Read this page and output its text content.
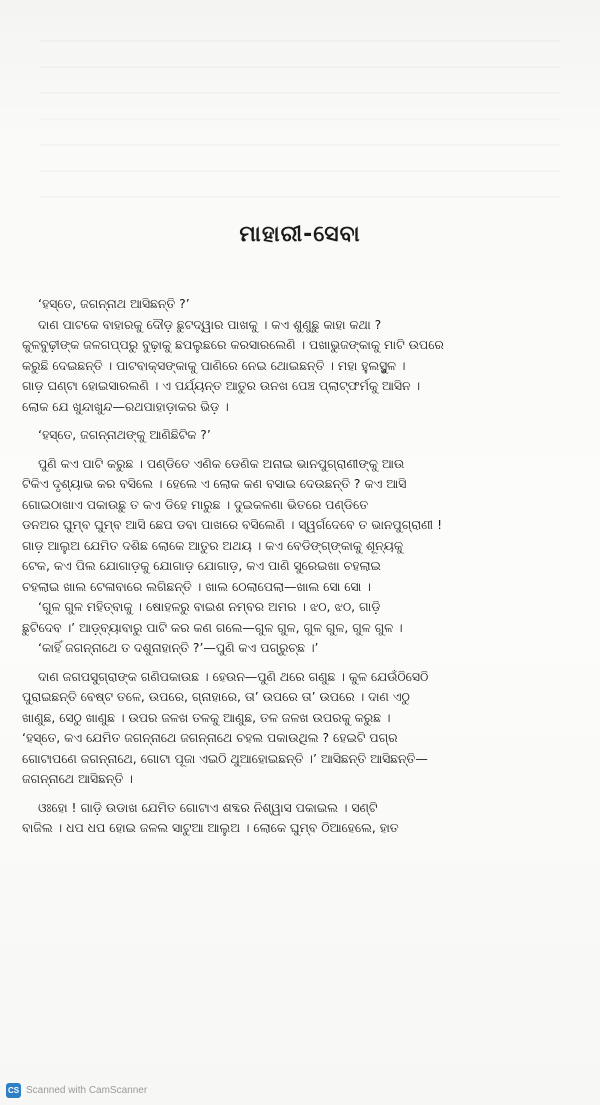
ମାହାରୀ-ସେବା
‘ହସ୍ତେ, ଜଗନ୍ନାଥ ଆସିଛନ୍ତି ?’
ଦାଣ ପାଟକେ ବାହାରକୁ ଦୌଡ଼ ଛୁଟଦ୍ୱାର ପାଖକୁ । କଏ ଶୁଣୁଛୁ କାହା କଥା ?
କୁଳବୁଢ଼ୀଙ୍କ ଜଳଗପ୍ପରୁ ବୁଢ଼ାକୁ ଛପଲୁଛରେ କରସାରଲେଣି । ପଖାଭୁଜଙ୍କାକୁ ମାଟି ଉପରେ
କରୁଛି ଦେଇଛନ୍ତି । ପାଟବାକ୍‌ସଙ୍କାକୁ ପାଣିରେ ନେଇ ଥୋଇଛନ୍ତି । ମହା ହୁଲସ୍ଥୁଳ ।
ଗାଡ଼ ଘଣ୍ଟା ହୋଇସାରଲଣି । ଏ ପର୍ଯ୍ୟନ୍ତ ଆତୁର ଉନଖ ପେଞ୍ଚ ପ୍ଲାଟ୍‌ଫର୍ମକୁ ଆସିନ ।
ଲୋକ ଯେ ଖୁନ୍ଦାଖୁନ୍ଦ—ରଥପାହାଡ଼ାକର ଭିଡ଼ ।
‘ହସ୍ତେ, ଜଗନ୍ନାଥଙ୍କୁ ଆଣିଛିଟିକ ?’
ପୁଣି କଏ ପାଟି କରୁଛ । ପଣ୍ଡିତେ ଏଣିକ ଡେଣିକ ଅନାଇ ଭାନପୁଗ୍ରାଣୀଙ୍କୁ ଆଉ
ଟିକିଏ ଦୃଶ୍ୟାଭ କର ବସିଲେ । ହେଲେ ଏ ଲୋକ କଣ ବସାଇ ଦେଉଛନ୍ତି ? କଏ ଆସି
ଗୋଇଠାଖାଏ ପକାଉଛୁ ତ କଏ ଡିହେ ମାରୁଛ । ଦୁଇକଳଣା ଭିତରେ ପଣ୍ଡିତେ
ଡନଅର ଘୁମ୍ବ ଘୁମ୍ବ ଆସି ଛେପ ଡବା ପାଖରେ ବସିଲେଣି । ସ୍ୱର୍ଗଦେବେ ତ ଭାନପୁଗ୍ରାଣୀ !
ଗାଡ଼ ଆଲୁଅ ଯେମିତ ଦଶିଛ ଲୋକେ ଆତୁର ଅଥୟ । କଏ ବେଡିଙ୍ଗ୍‌ଙ୍କାକୁ ଶୂନ୍ୟକୁ
ଟେକ, କଏ ପିଲ ଯୋଗାଡ଼କୁ ଯୋଗାଡ଼ ଯୋଗାଡ଼, କଏ ପାଣି ସୁରେଇଖା ଚହଲାଇ
ଚହଲାଇ ଖାଲ ଟେଳାବାରେ ଲଗିଛନ୍ତି । ଖାଲ ଠେଲାପେଲା—ଖାଲ ସୋ ସୋ ।
‘ଗୁଳ ଗୁଳ ମହିତ୍‌ବାକୁ । ଷୋହଳରୁ ବାଇଶ ନମ୍ବର ଅମର । ଝଠ, ଝଠ, ଗାଡ଼ି
ଛୁଟିଦେବ ।’ ଆଡ଼୍‌ବ୍ୟାବାରୁ ପାଟି କର କଣ ଗଲେ—ଗୁଳ ଗୁଳ, ଗୁଳ ଗୁଳ, ଗୁଳ ଗୁଳ ।
‘କାହିଁ ଜଗନ୍ନାଥେ ତ ଦଶୁନାହାନ୍ତି ?’—ପୁଣି କଏ ପଗ୍ରୁଚ୍ଛ ।’
ଦାଣ ଜଗପସୁଗ୍ରାଙ୍କ ଗଣିପକାଉଛ । ହେଉନ—ପୁଣି ଥରେ ଗଣୁଛ । କୁଳ ଯେଉଁଠିସେଠି
ପୁରାଇଛନ୍ତି ବେଷ୍ଟ ତଳେ, ଉପରେ, ଗ୍ନାହାରେ, ତା’ ଉପରେ ତା’ ଉପରେ । ଦାଣ ଏଠୁ
ଖାଣୁଛ, ସେଠୁ ଖାଣୁଛ । ଉପର ଜଳଖ ତଳକୁ ଆଣୁଛ, ତଳ ଜଳଖ ଉପରକୁ କରୁଛ ।
‘ହସ୍ତେ, କଏ ଯେମିତ ଜଗନ୍ନାଥେ ଜଗନ୍ନାଥେ ଚହଲ ପକାଉଥିଲ ? ହେଇଟି ପଗ୍ର
ଗୋଟାପଣେ ଜଗନ୍ନାଥେ, ଗୋଟା ପୂଜା ଏଇଠି ଥୁଆହୋଇଛନ୍ତି ।’ ଆସିଛନ୍ତି ଆସିଛନ୍ତି—
ଜଗନ୍ନାଥେ ଆସିଛନ୍ତି ।
ଓଃହୋ ! ଗାଡ଼ି ଉଡାଖ ଯେମିତ ଗୋଟାଏ ଶବ୍ଦର ନିଶ୍ୱାସ ପକାଇଲ । ସଣ୍ଟି
ବାଜିଲ । ଧପ ଧପ ହୋଇ ଜଳଲ ସାଟୁଆ ଆଲୁଅ । ଲୋକେ ଘୁମ୍ବ ଠିଆହେଲେ, ହାତ
CS Scanned with CamScanner
